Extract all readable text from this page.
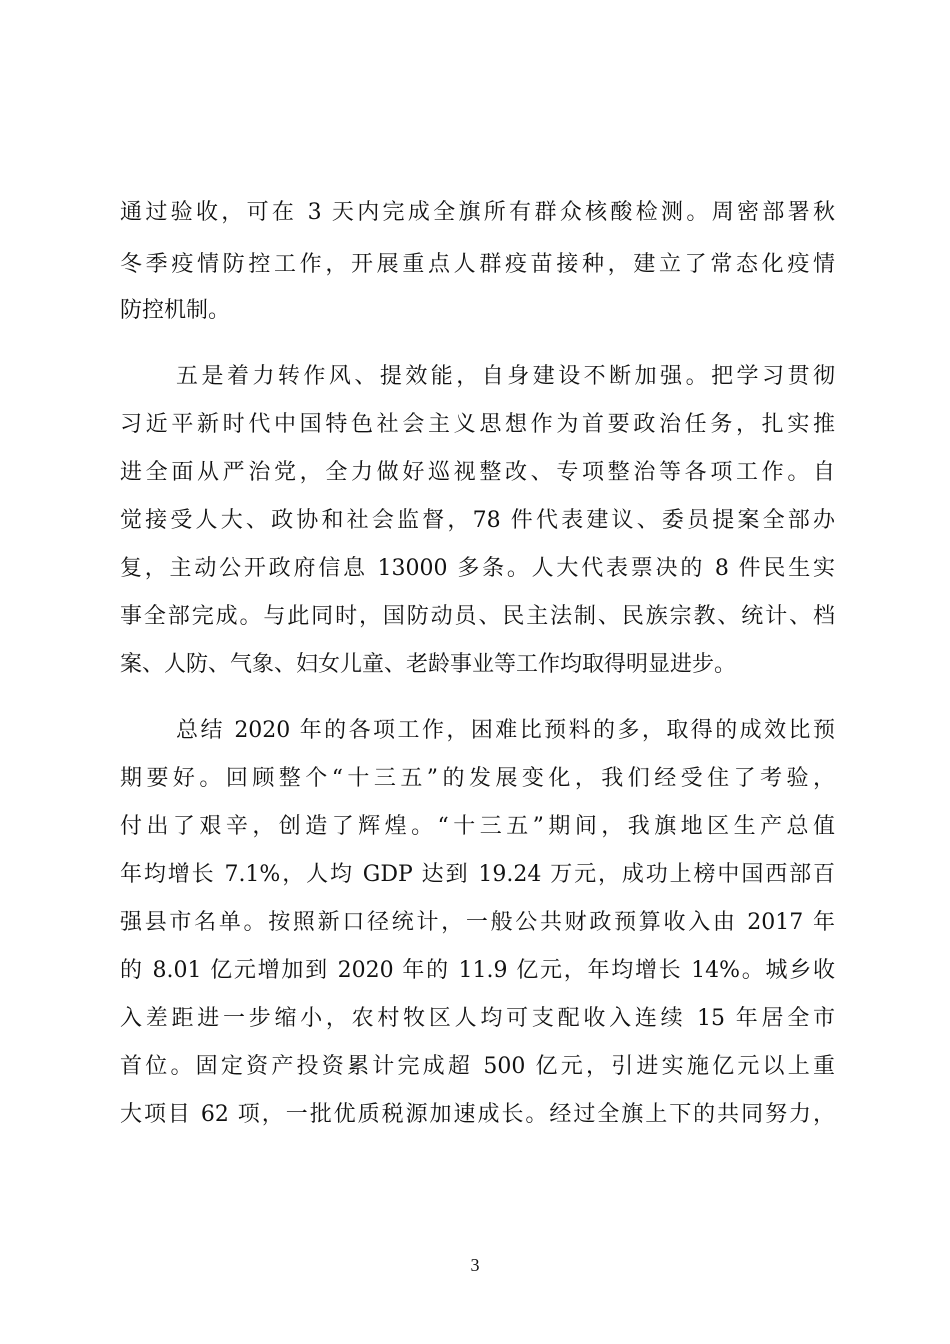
通过验收，可在 3 天内完成全旗所有群众核酸检测。周密部署秋
冬季疫情防控工作，开展重点人群疫苗接种，建立了常态化疫情
防控机制。
五是着力转作风、提效能，自身建设不断加强。把学习贯彻
习近平新时代中国特色社会主义思想作为首要政治任务，扎实推
进全面从严治党，全力做好巡视整改、专项整治等各项工作。自
觉接受人大、政协和社会监督，78 件代表建议、委员提案全部办
复，主动公开政府信息 13000 多条。人大代表票决的 8 件民生实
事全部完成。与此同时，国防动员、民主法制、民族宗教、统计、档
案、人防、气象、妇女儿童、老龄事业等工作均取得明显进步。
总结 2020 年的各项工作，困难比预料的多，取得的成效比预
期要好。回顾整个“十三五”的发展变化，我们经受住了考验，
付出了艰辛，创造了辉煌。“十三五”期间，我旗地区生产总值
年均增长 7.1%，人均 GDP 达到 19.24 万元，成功上榜中国西部百
强县市名单。按照新口径统计，一般公共财政预算收入由 2017 年
的 8.01 亿元增加到 2020 年的 11.9 亿元，年均增长 14%。城乡收
入差距进一步缩小，农村牧区人均可支配收入连续 15 年居全市
首位。固定资产投资累计完成超 500 亿元，引进实施亿元以上重
大项目 62 项，一批优质税源加速成长。经过全旗上下的共同努力，
3
